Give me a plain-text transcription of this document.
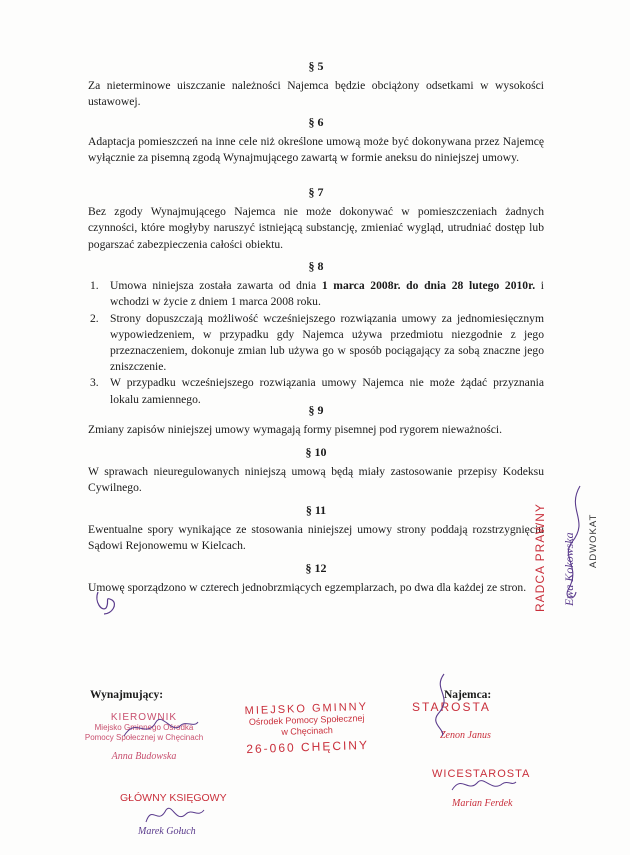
§ 5
Za nieterminowe uiszczanie należności Najemca będzie obciążony odsetkami w wysokości ustawowej.
§ 6
Adaptacja pomieszczeń na inne cele niż określone umową może być dokonywana przez Najemcę wyłącznie za pisemną zgodą Wynajmującego zawartą w formie aneksu do niniejszej umowy.
§ 7
Bez zgody Wynajmującego Najemca nie może dokonywać w pomieszczeniach żadnych czynności, które mogłyby naruszyć istniejącą substancję, zmieniać wygląd, utrudniać dostęp lub pogarszać zabezpieczenia całości obiektu.
§ 8
1. Umowa niniejsza została zawarta od dnia 1 marca 2008r. do dnia 28 lutego 2010r. i wchodzi w życie z dniem 1 marca 2008 roku.
2. Strony dopuszczają możliwość wcześniejszego rozwiązania umowy za jednomiesięcznym wypowiedzeniem, w przypadku gdy Najemca używa przedmiotu niezgodnie z jego przeznaczeniem, dokonuje zmian lub używa go w sposób pociągający za sobą znaczne jego zniszczenie.
3. W przypadku wcześniejszego rozwiązania umowy Najemca nie może żądać przyznania lokalu zamiennego.
§ 9
Zmiany zapisów niniejszej umowy wymagają formy pisemnej pod rygorem nieważności.
§ 10
W sprawach nieuregulowanych niniejszą umową będą miały zastosowanie przepisy Kodeksu Cywilnego.
§ 11
Ewentualne spory wynikające ze stosowania niniejszej umowy strony poddają rozstrzygnięciu Sądowi Rejonowemu w Kielcach.
§ 12
Umowę sporządzono w czterech jednobrzmiących egzemplarzach, po dwa dla każdej ze stron. RADCA PRAWNY Ewa Kokowska ADWOKAT
Wynajmujący:	Najemca:
KIEROWNIK
Miejsko Gminnego Ośrodka
Pomocy Społecznej w Chęcinach
Anna Budowska
MIEJSKO GMINNY
Ośrodek Pomocy Społecznej
w Chęcinach
26-060 CHĘCINY
GŁÓWNY KSIĘGOWY
Marek Gołuch
STAROSTA
Zenon Janus
WICESTAROSTA
Marian Ferdek
